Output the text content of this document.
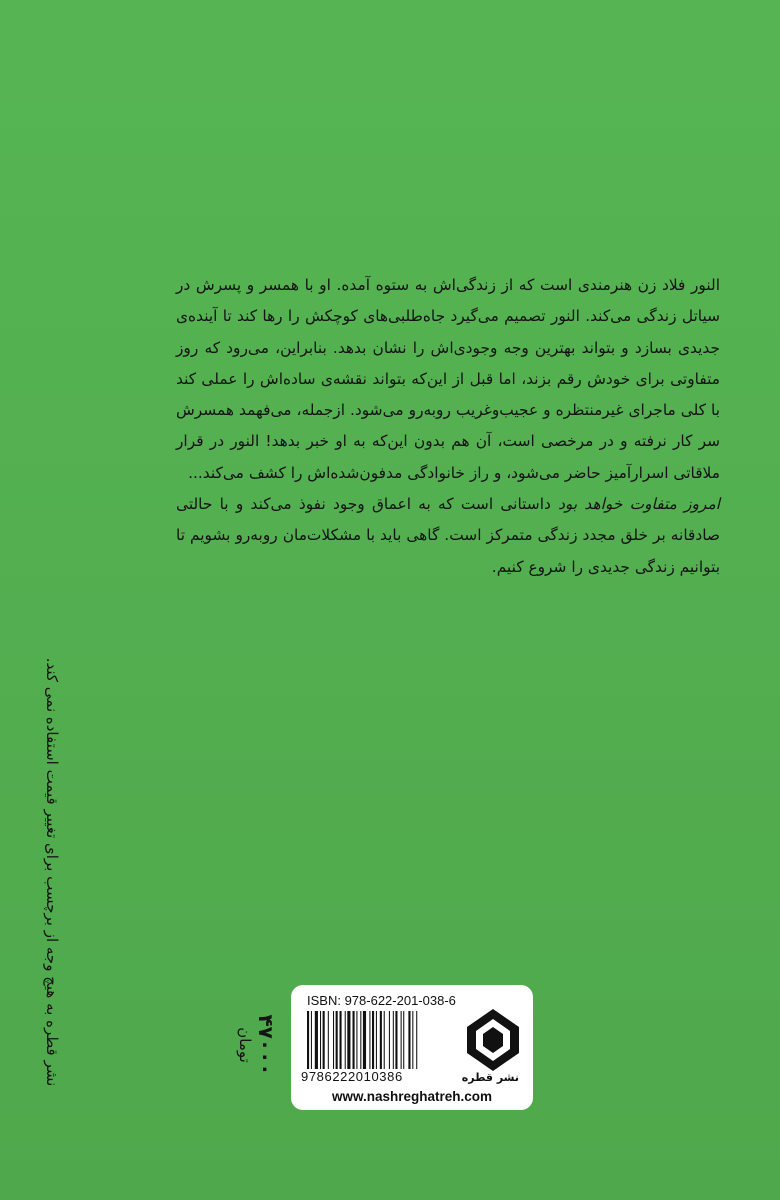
النور فلاد زن هنرمندی است که از زندگی‌اش به ستوه آمده. او با همسر و پسرش در سیاتل زندگی می‌کند. النور تصمیم می‌گیرد جاه‌طلبی‌های کوچکش را رها کند تا آینده‌ی جدیدی بسازد و بتواند بهترین وجه وجودی‌اش را نشان بدهد. بنابراین، می‌رود که روز متفاوتی برای خودش رقم بزند، اما قبل از این‌که بتواند نقشه‌ی ساده‌اش را عملی کند با کلی ماجرای غیرمنتظره و عجیب‌وغریب روبه‌رو می‌شود. ازجمله، می‌فهمد همسرش سر کار نرفته و در مرخصی است، آن هم بدون این‌که به او خبر بدهد! النور در قرار ملاقاتی اسرارآمیز حاضر می‌شود، و راز خانوادگی مدفون‌شده‌اش را کشف می‌کند...

امروز متفاوت خواهد بود داستانی است که به اعماق وجود نفوذ می‌کند و با حالتی صادقانه بر خلق مجدد زندگی متمرکز است. گاهی باید با مشکلات‌مان روبه‌رو بشویم تا بتوانیم زندگی جدیدی را شروع کنیم.

نشر قطره به هیچ وجه از برچسب برای تغییر قیمت استفاده نمی کند.	۴۷۰۰۰
تومان
ISBN: 978-622-201-038-6
9786222010386	نشر قطره
www.nashreghatreh.com
